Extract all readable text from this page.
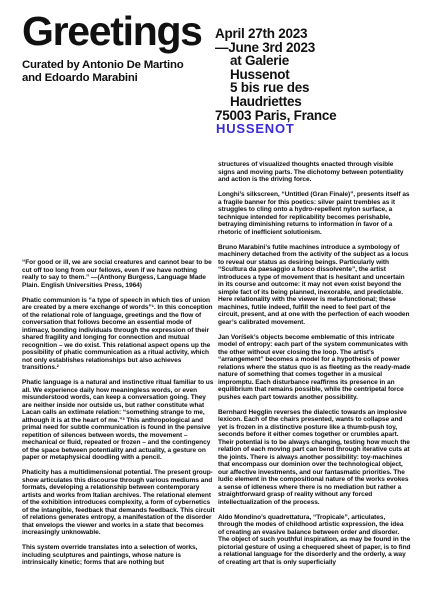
Greetings
Curated by Antonio De Martino
and Edoardo Marabini
April 27th 2023
—June 3rd 2023
at Galerie
Hussenot
5 bis rue des
Haudriettes
75003 Paris, France
HUSSENOT

“For good or ill, we are social creatures and cannot bear to be cut off too long from our fellows, even if we have nothing really to say to them.” —(Anthony Burgess, Language Made Plain. English Universities Press, 1964)

Phatic communion is “a type of speech in which ties of union are created by a mere exchange of words”¹. In this conception of the relational role of language, greetings and the flow of conversation that follows become an essential mode of intimacy, bonding individuals through the expression of their shared fragility and longing for connection and mutual recognition – we do exist. This relational aspect opens up the possibility of phatic communication as a ritual activity, which not only establishes relationships but also achieves transitions.²

Phatic language is a natural and instinctive ritual familiar to us all. We experience daily how meaningless words, or even misunderstood words, can keep a conversation going. They are neither inside nor outside us, but rather constitute what Lacan calls an extimate relation: “something strange to me, although it is at the heart of me.”³ This anthropological and primal need for subtle communication is found in the pensive repetition of silences between words, the movement – mechanical or fluid, repeated or frozen – and the contingency of the space between potentiality and actuality, a gesture on paper or metaphysical doodling with a pencil.

Phaticity has a multidimensional potential. The present group-show articulates this discourse through various mediums and formats, developing a relationship between contemporary artists and works from Italian archives. The relational element of the exhibition introduces complexity, a form of cybernetics of the intangible, feedback that demands feedback. This circuit of relations generates entropy, a manifestation of the disorder that envelops the viewer and works in a state that becomes increasingly unknowable.

This system override translates into a selection of works, including sculptures and paintings, whose nature is intrinsically kinetic; forms that are nothing but

structures of visualized thoughts enacted through visible signs and moving parts. The dichotomy between potentiality and action is the driving force.

Longhi’s silkscreen, “Untitled (Gran Finale)”, presents itself as a fragile banner for this poetics: silver paint trembles as it struggles to cling onto a hydro-repellent nylon surface, a technique intended for replicability becomes perishable, betraying diminishing returns to information in favor of a rhetoric of inefficient solutionism.

Bruno Marabini’s futile machines introduce a symbology of machinery detached from the activity of the subject as a locus to reveal our status as desiring beings. Particularly with “Scultura da paesaggio a fuoco dissolvente”, the artist introduces a type of movement that is hesitant and uncertain in its course and outcome: it may not even exist beyond the simple fact of its being planned, inexorable, and predictable. Here relationality with the viewer is meta-functional; these machines, futile indeed, fulfill the need to feel part of the circuit, present, and at one with the perfection of each wooden gear’s calibrated movement.

Jan Voríšek’s objects become emblematic of this intricate model of entropy: each part of the system communicates with the other without ever closing the loop. The artist’s “arrangement” becomes a model for a hypothesis of power relations where the status quo is as fleeting as the ready-made nature of something that comes together in a musical impromptu. Each disturbance reaffirms its presence in an equilibrium that remains possible, while the centripetal force pushes each part towards another possibility.

Bernhard Hegglin reverses the dialectic towards an implosive lexicon. Each of the chairs presented, wants to collapse and yet is frozen in a distinctive posture like a thumb-push toy, seconds before it either comes together or crumbles apart. Their potential is to be always changing, testing how much the relation of each moving part can bend through iterative cuts at the joints. There is always another possibility: toy-machines that encompass our dominion over the technological object, our affective investments, and our fantasmatic priorities. The ludic element in the compositional nature of the works evokes a sense of idleness where there is no mediation but rather a straightforward grasp of reality without any forced intellectualization of the process.

Aldo Mondino’s quadrettatura, “Tropicale”, articulates, through the modes of childhood artistic expression, the idea of creating an evasive balance between order and disorder. The object of such youthful inspiration, as may be found in the pictorial gesture of using a chequered sheet of paper, is to find a relational language for the disorderly and the orderly, a way of creating art that is only superficially
